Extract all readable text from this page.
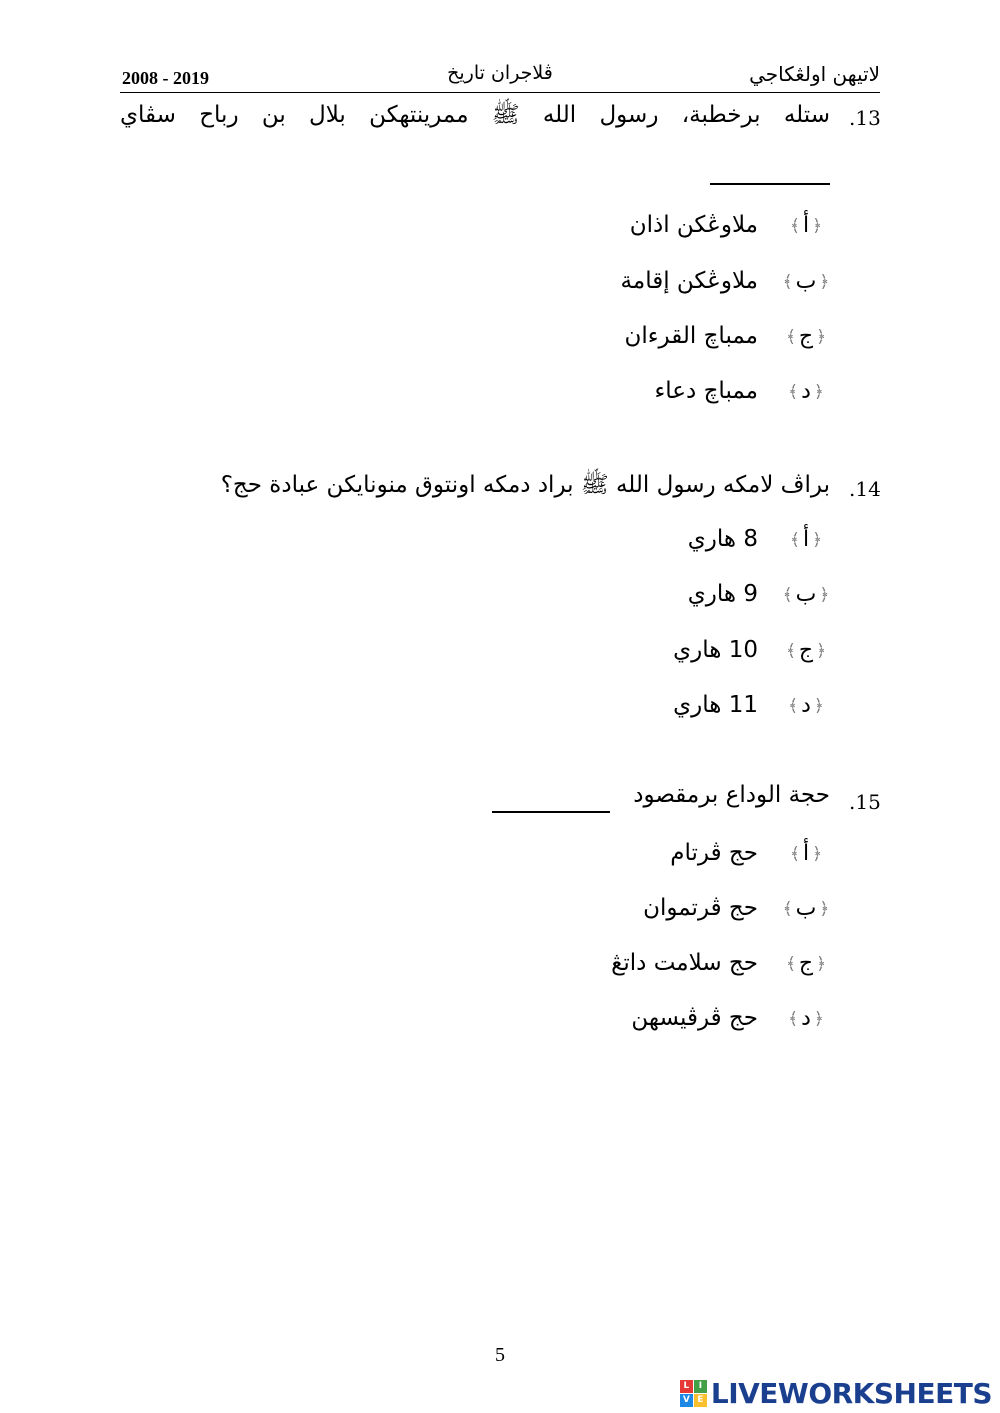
2008 - 2019	ڤلاجران تاريخ	لاتيهن اولڠكاجي
.13
ستله برخطبة، رسول الله ﷺ ممرينتهكن بلال بن رباح سڤاي
﴿
أ
﴾
ملاوڠكن اذان
﴿
ب
﴾
ملاوڠكن إقامة
﴿
ج
﴾
ممباچ القرءان
﴿
د
﴾
ممباچ دعاء
.14
براڤ لامكه رسول الله ﷺ براد دمكه اونتوق منونايكن عبادة حج؟
﴿
أ
﴾
8 هاري
﴿
ب
﴾
9 هاري
﴿
ج
﴾
10 هاري
﴿
د
﴾
11 هاري
.15
حجة الوداع برمقصود
﴿
أ
﴾
حج ڤرتام
﴿
ب
﴾
حج ڤرتموان
﴿
ج
﴾
حج سلامت داتڠ
﴿
د
﴾
حج ڤرڤيسهن
5
L	I
V E LIVEWORKSHEETS
